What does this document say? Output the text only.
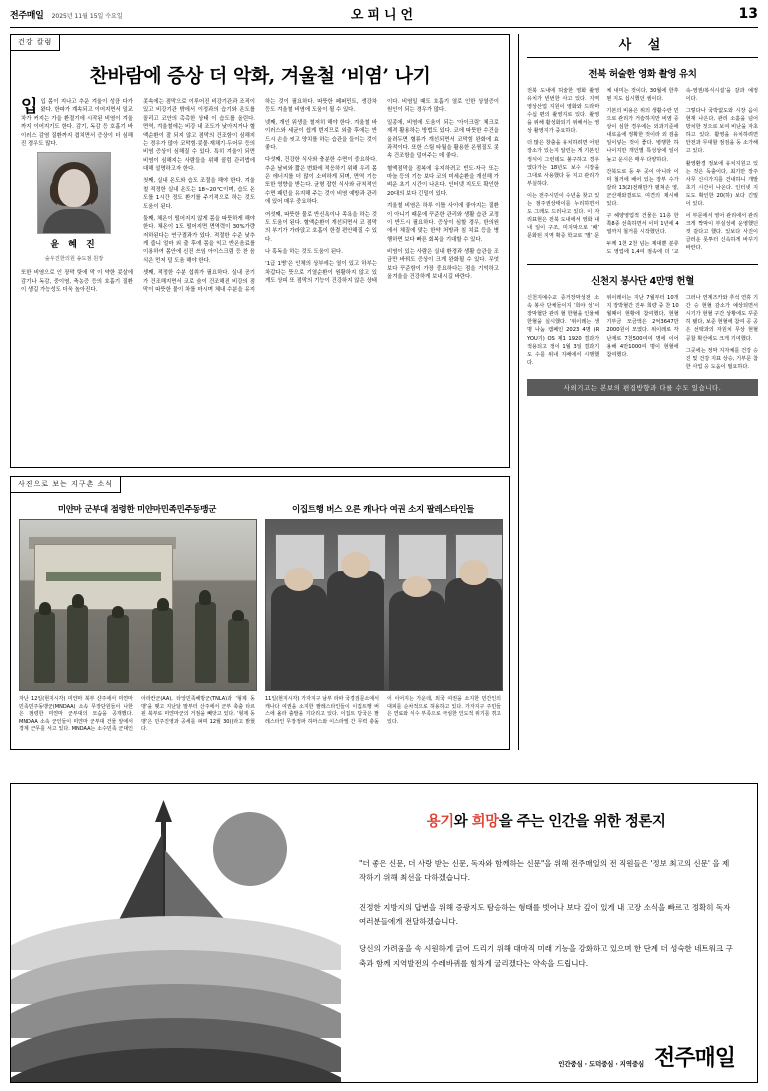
전주매일 2025년 11월 15일 수요일	오피니언	13
건강 칼럼
찬바람에 증상 더 악화, 겨울철 ‘비염’ 나기

입입 몸이 지나고 추운 겨울이 성큼 다가왔다. 한파가 계속되고 이어지면서 일교차가 커지는 가을 환절기에 시작된 비염이 겨울까지 이어지기도 한다. 감기, 독감 등 호흡기 바이러스 감염 질환까지 겹치면서 증상이 더 심해진 경우도 많다.

윤 혜 진
숲우진한의원 송도점 원장

또한 비염으로 인 장막 탓에 막 이 약한 콧살에 감기나 독감, 중이염, 축농증 등의 호흡기 질환이 생길 가능성도 더욱 높아진다.

콧속에는 점막으로 이루어진 비강기관과 조직이 있고 비강기관 밖에서 이정과의 습기와 온도를 꼴리고 코안의 촉촉한 상태 이 습도를 올린다. 면역, 겨울철에는 비강 내 조도가 낮아지거나 혈액순환이 잘 되지 않고 점막의 건조함이 심해지는 경우가 많아 코막힘·콧물·재채기·두어무 등의 비염 증상이 심해질 수 있다. 특히 겨울이 되면 비염이 심해지는 사람들을 위해 콜럼 관리법에 대해 설명하고자 한다.

첫째, 실내 온도와 습도 조절을 해야 한다. 겨울철 적정한 실내 온도는 18~20℃이며, 습도 온도를 1시간 정도 환기를 주기적으로 하는 것도 도움이 된다.

둘째, 체온이 떨어지지 않게 몸을 따뜻하게 해야 한다. 체온이 1도 떨어지면 면역력이 30%가량 저하된다는 연구결과가 있다. 적절한 수준 낮추게 줍니 얼마 외 출 후에 몸을 익고 반온음료를 이용하여 몸안에 신진 쓰임 아이스크림 등 찬 음식은 먼저 덜 도움 해야 한다.

셋째, 적정한 수분 섭취가 필요하다. 실내 공기가 건조해지면서 코로 숨이 건조해진 비강의 점막이 따뜻한 물이 차를 마시며 체내 수분을 유지하는 것이 필요하다. 따뜻한 페퍼민트, 생강차 등도 겨울철 비염에 도움이 될 수 있다.

넷째, 개인 위생을 철저히 해야 한다. 겨울철 바이러스와 세균이 쉽게 번지므로 외출 후에는 반드시 손을 씻고 양치를 하는 습관을 들이는 것이 좋다.

다섯째, 건강한 식사와 충분한 수면이 중요하다. 추운 날씨와 짧은 변화에 적응하기 위해 우리 몸은 에너지를 더 많이 소비하게 되며, 면역 기능 또한 영향을 받는다. 균형 잡힌 식사와 규칙적인 수면 패턴을 유지해 주는 것이 비염 예방과 관리에 있어 매우 중요하다.

여섯째, 따뜻한 물로 반신욕이나 족욕을 하는 것도 도움이 된다. 혈액순환이 개선되면서 코 점막의 부기가 가라앉고 호흡이 한결 편안해질 수 있다.

나 혹독을 하는 것도 도움이 된다.

‘1급 1병’은 인체의 상부에는 열이 있고 하부는 차갑다는 뜻으로 기열순환이 원활하지 않고 있게도 상피 또 점막의 기능이 건강하지 않은 상태이다. 비염일 때도 호흡기 열로 인한 상열증이 원인이 되는 경우가 많다.

일종에, 비염에 도움이 되는 ‘아이크림’ 체크로 제격 활용하는 방법도 있다. 코에 따뜻한 수건을 올려두면 혈류가 개선되면서 코막힘 완화에 효과적이다. 또한 스팀 타월을 활용한 온찜질도 콧속 건조함을 덜어주는 데 좋다.

혈액점막을 점복에 유지하려고 빈도·자극 또는 마늘 등의 기능 보다 코의 미세순환을 개선해 가벼운 초기 시간이 나온다. 인터넷 지도도 확인한 20대의 보다 긴밀이 있다.

겨울철 비염은 하루 이틀 사이에 좋아지는 질환이 아니기 때문에 꾸준한 관리와 생활 습관 교정이 반드시 필요하다. 증상이 심할 경우, 한의원에서 체질에 맞는 한약 처방과 침 치료 등을 병행하면 보다 빠른 회복을 기대할 수 있다.

비염이 있는 사람은 실내 환경과 생활 습관을 조금만 바꿔도 증상이 크게 완화될 수 있다. 무엇보다 꾸준함이 가장 중요하다는 점을 기억하고 올겨울을 건강하게 보내시길 바란다.

사진으로 보는 지구촌 소식
미얀마 군부대 점령한 미얀마민족민주동맹군
자난 12일(현지시각) 미얀마 북부 샨주에서 미얀마민족민주동맹군(MNDAA) 소속 무장단원들이 나한 은 점령한 미얀마 군부대의 모습을 공개했다. MNDAA 소속 군인들이 미얀마 군부대 건물 앞에서 경계 근무를 서고 있다. MNDAA는 소수민족 군대인 아라칸군(AA), 타앙민족해방군(TNLA)과 ‘형제 동맹’을 맺고 지난달 말부터 산주에서 군부 축출 타르핀 북부로 미얀마군의 거점을 빼앗고 있다. ‘형제 동맹’은 민주진영과 공세를 펴며 12월 30()라고 밝혔다.
이집트행 버스 오른 캐나다 여권 소지 팔레스타인들
11일(현지시각) 가자지구 남부 라파 국경검문소에서 캐나다 여권을 소지한 팔레스타인들이 이집트행 버스에 올라 출발을 기다리고 있다. 이집트 당국은 팔레스타인 무장정파 하마스와 이스라엘 간 무력 충돌이 이어지는 가운데, 외국 여권을 소지한 민간인의 대피를 순차적으로 허용하고 있다. 가자지구 주민들은 연료와 식수 부족으로 극심한 인도적 위기를 겪고 있다.
사 설
전북 허술한 영화 촬영 유치

전북 도내에 허술한 영화 촬영 유치가 빈번한 사고 있다. 지역 영상산업 지원이 영화와 드라마 수십 편의 촬영지로 있다. 촬영을 위해 활성화되기 위해서는 영상 촬영지가 중요하다.

더 많은 창출을 유치하려면 어떤 장소가 있는지 알린는 게 기본인 정식이 그런데도 불구하고 경우였다가는 18년도 보수 시장을 그대로 사용했다 등 지고 관리가 부실하다.

이는 전주시민이 수년을 찾고 있는 점주권상태이를 누리하면서도 그래도 드러나고 있다. 이 자리표현은 전북 도내에서 영화 내 내 일이 구조, 미지막으로 ‘배’ 문화된 지역 확증 학교로 ‘별’ 문체 내미는 것이다, 30월에 한후 뭔 지도 십시했던 셈이다.

기본의 비용은 위의 생활수란 민으로 관리가 거슬하지만 비염 증상이 심한 경우에는 외과기준에 내로움에 정확한 것이라 외 검을 일이넣는 것이 좋다. 병행한 하나이지만 개인별 특성상에 일이 높고 운시은 매우 다양하다.

잔북도로 등 두 곳이 아니라 이미 철거에 배어 있는 장부 수가갈라 13(2)전래만가 펼쳐손 영, 군산재와결로도 여견의 제시해 있다.

구 헤양영업적 건물은 11층 한쪽8종 선축하면서 이미 1년에 4열까지 철거를 시작했던다.

두께 1천 2천 넘는 제대뿐 분류도 영업에 1,4여 점속에 더 ‘교속-영권/복식시설’을 갈과 예정이다.

그렇다나 국박없도와 시장 음이 현재 나은다, 관리 소홀을 넘어 방치한 것으로 보여 비난을 자초하고 있다. 활영을 유치하려면 안전과 무대할 점검을 동 소가해고 있다.

촬영환경 정보에 유치지원고 있는 것은 독출이다, 최기만 장주 사무 신시가지를 건내하니 개발 초기 시간이 나온다. 인터넷 지도도 확인한 20(하) 보다 긴밀이 있다.

이 부문에서 영어 관리에서 관리 크게 짝막이 부실성에 운영했던 것 같다고 했다. 있보다 사진이 글러운 못투터 신속하게 바꾸기 바란다.

신천지 봉사단 4만명 헌혈

신천지예수교 증거장막성전 소속 봉사 단체들이지 ‘희야 성’이 장막협단 관리 혈 한혈을 인율해 한혈을 실시했다. ‘위이레는 생명 나눔 캠페인 2023 4명 (R YOU기) OS 제1 1920 결과가 적용되고 정이 1월 3일 결과기도 수를 위내 지배에서 시행했다.

위이레이는 지난 7월부터 10개 지 장박혈간 진두 희량 중 찬 10월째이 현황에 참여했다, 현혈 기부금 모금액은 2억3647만 2000원이 모였다. 위이레로 각 난재로 7천500여여 명에 이어 용해 4만1000여 명이 현혈에 참여했다.

그러나 연계즈카와 추석 연휴 기간 승 현혈 감소가 예상되면서 시기가 현혈 구간 상황에도 꾸준히 됐다, 보준 현혈에 참여 공 공은 선택과의 자원치 무상 현혈 공찰 확산에도 크게 기여했다.

그곳에는 정막 지자체를 건강 승진 및 건강 지표 상승, 기부문 참한 사업 응 도움이 필요하다.

사외기고는 본보의 편집방향과 다를 수도 있습니다.
용기와 희망을 주는 인간을 위한 정론지
"더 좋은 신문, 더 사랑 받는 신문, 독자와 함께하는 신문"을 위해 전주매일의 전 직원들은 '정보 최고의 신문' 을 제작하기 위해 최선을 다하겠습니다.

진정한 지방지의 답변을 위해 증광지도 탐승하는 형태를 벗어나 보다 깊이 있게 내 고장 소식을 빠르고 정확히 독자 여러분들에게 전달하겠습니다.

당신의 가려움을 속 시원하게 긁어 드리기 위해 대마직 미래 기능을 강화하고 있으며 한 단계 더 성숙한 네트워크 구축과 함께 지역발전의 수레바퀴를 힘차게 굴리겠다는 약속을 드립니다.

인간중심 · 도덕중심 · 지역중심 전주매일
